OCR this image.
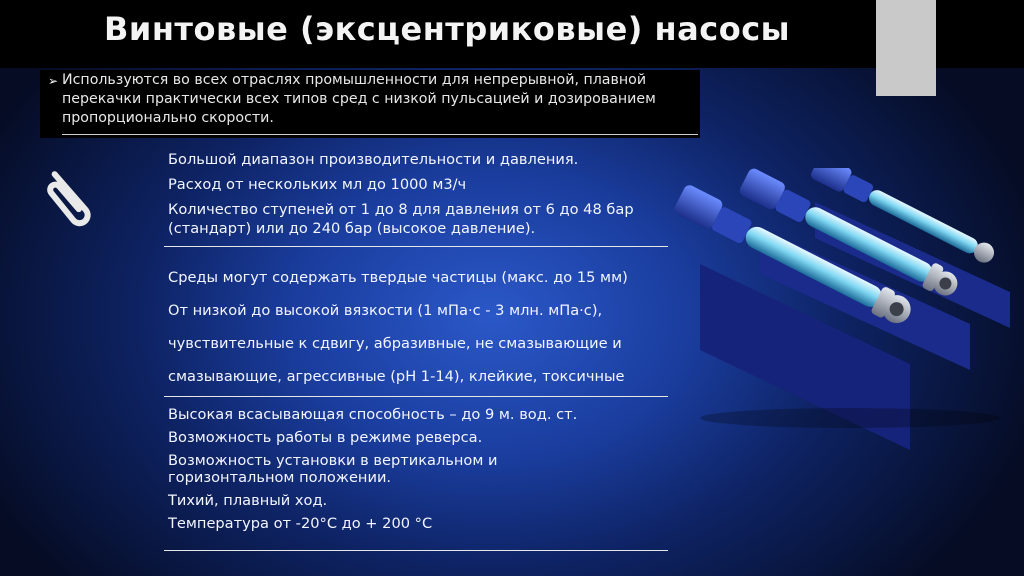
Винтовые (эксцентриковые) насосы
➢ Используются во всех отраслях промышленности для непрерывной, плавной перекачки практически всех типов сред с низкой пульсацией и дозированием пропорционально скорости.

Большой диапазон производительности и давления.
Расход от нескольких мл до 1000 м3/ч
Количество ступеней от 1 до 8 для давления от 6 до 48 бар (стандарт) или до 240 бар (высокое давление).
Среды могут содержать твердые частицы (макс. до 15 мм)
От низкой до высокой вязкости (1 мПа·с - 3 млн. мПа·с),
чувствительные к сдвигу, абразивные, не смазывающие и
смазывающие, агрессивные (pH 1-14), клейкие, токсичные
Высокая всасывающая способность – до 9 м. вод. ст.
Возможность работы в режиме реверса.
Возможность установки в вертикальном и горизонтальном положении.
Тихий, плавный ход.
Температура от -20°С до + 200 °С
